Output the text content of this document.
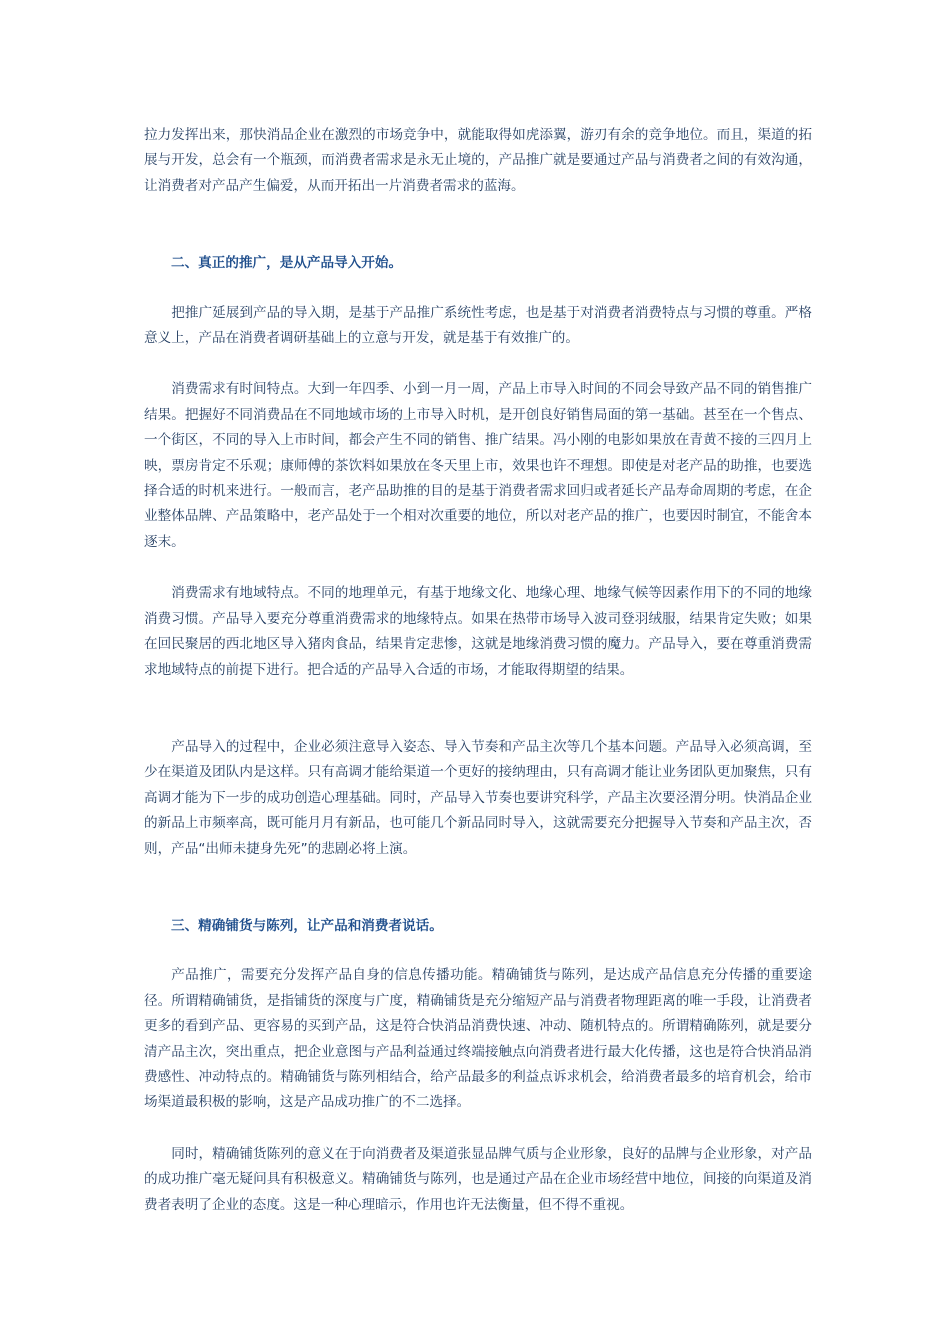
拉力发挥出来，那快消品企业在激烈的市场竞争中，就能取得如虎添翼，游刃有余的竞争地位。而且，渠道的拓展与开发，总会有一个瓶颈，而消费者需求是永无止境的，产品推广就是要通过产品与消费者之间的有效沟通，让消费者对产品产生偏爱，从而开拓出一片消费者需求的蓝海。

二、真正的推广，是从产品导入开始。

把推广延展到产品的导入期，是基于产品推广系统性考虑，也是基于对消费者消费特点与习惯的尊重。严格意义上，产品在消费者调研基础上的立意与开发，就是基于有效推广的。

消费需求有时间特点。大到一年四季、小到一月一周，产品上市导入时间的不同会导致产品不同的销售推广结果。把握好不同消费品在不同地域市场的上市导入时机，是开创良好销售局面的第一基础。甚至在一个售点、一个街区，不同的导入上市时间，都会产生不同的销售、推广结果。冯小刚的电影如果放在青黄不接的三四月上映，票房肯定不乐观；康师傅的茶饮料如果放在冬天里上市，效果也许不理想。即使是对老产品的助推，也要选择合适的时机来进行。一般而言，老产品助推的目的是基于消费者需求回归或者延长产品寿命周期的考虑，在企业整体品牌、产品策略中，老产品处于一个相对次重要的地位，所以对老产品的推广，也要因时制宜，不能舍本逐末。

消费需求有地域特点。不同的地理单元，有基于地缘文化、地缘心理、地缘气候等因素作用下的不同的地缘消费习惯。产品导入要充分尊重消费需求的地缘特点。如果在热带市场导入波司登羽绒服，结果肯定失败；如果在回民聚居的西北地区导入猪肉食品，结果肯定悲惨，这就是地缘消费习惯的魔力。产品导入，要在尊重消费需求地域特点的前提下进行。把合适的产品导入合适的市场，才能取得期望的结果。

产品导入的过程中，企业必须注意导入姿态、导入节奏和产品主次等几个基本问题。产品导入必须高调，至少在渠道及团队内是这样。只有高调才能给渠道一个更好的接纳理由，只有高调才能让业务团队更加聚焦，只有高调才能为下一步的成功创造心理基础。同时，产品导入节奏也要讲究科学，产品主次要泾渭分明。快消品企业的新品上市频率高，既可能月月有新品，也可能几个新品同时导入，这就需要充分把握导入节奏和产品主次，否则，产品“出师未捷身先死”的悲剧必将上演。

三、精确铺货与陈列，让产品和消费者说话。

产品推广，需要充分发挥产品自身的信息传播功能。精确铺货与陈列，是达成产品信息充分传播的重要途径。所谓精确铺货，是指铺货的深度与广度，精确铺货是充分缩短产品与消费者物理距离的唯一手段，让消费者更多的看到产品、更容易的买到产品，这是符合快消品消费快速、冲动、随机特点的。所谓精确陈列，就是要分清产品主次，突出重点，把企业意图与产品利益通过终端接触点向消费者进行最大化传播，这也是符合快消品消费感性、冲动特点的。精确铺货与陈列相结合，给产品最多的利益点诉求机会，给消费者最多的培育机会，给市场渠道最积极的影响，这是产品成功推广的不二选择。

同时，精确铺货陈列的意义在于向消费者及渠道张显品牌气质与企业形象，良好的品牌与企业形象，对产品的成功推广毫无疑问具有积极意义。精确铺货与陈列，也是通过产品在企业市场经营中地位，间接的向渠道及消费者表明了企业的态度。这是一种心理暗示，作用也许无法衡量，但不得不重视。
